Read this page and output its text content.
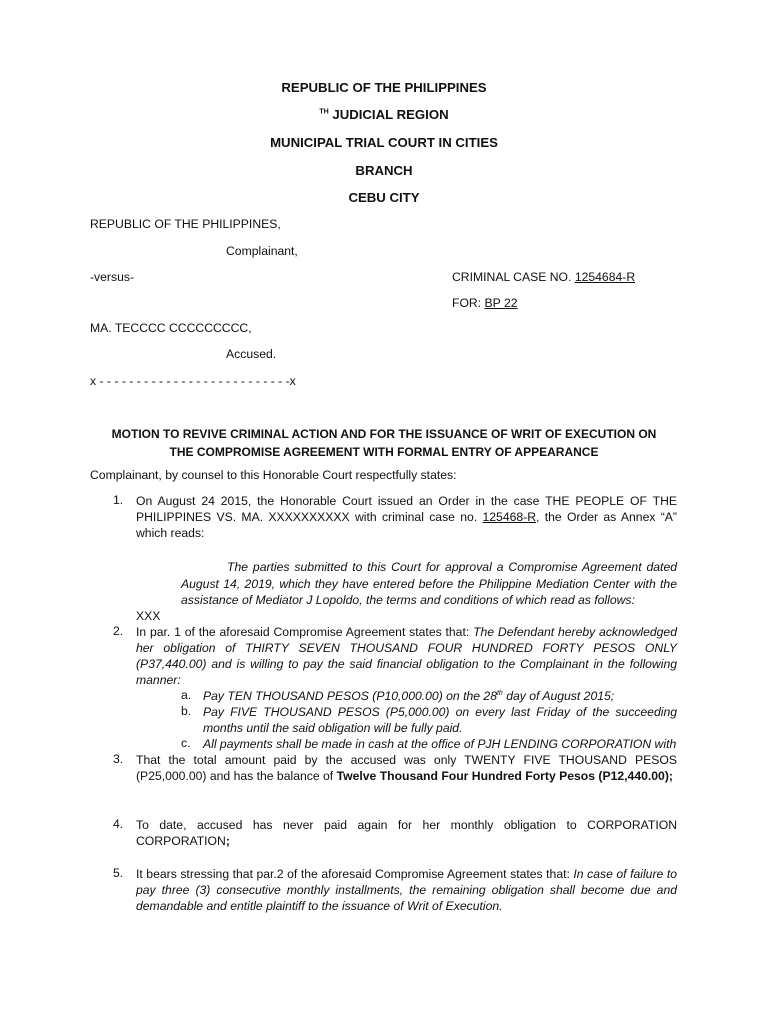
REPUBLIC OF THE PHILIPPINES
$^{TH}$ JUDICIAL REGION
MUNICIPAL TRIAL COURT IN CITIES
BRANCH
CEBU CITY
REPUBLIC OF THE PHILIPPINES,
Complainant,
-versus-	CRIMINAL CASE NO. 1254684-R
FOR: BP 22
MA. TECCCC CCCCCCCCC,
Accused.
x - - - - - - - - - - - - - - - - - - - - - - - - - -x
MOTION TO REVIVE CRIMINAL ACTION AND FOR THE ISSUANCE OF WRIT OF EXECUTION ON
THE COMPROMISE AGREEMENT WITH FORMAL ENTRY OF APPEARANCE
Complainant, by counsel to this Honorable Court respectfully states:
1. On August 24 2015, the Honorable Court issued an Order in the case THE PEOPLE OF THE PHILIPPINES VS. MA. XXXXXXXXXX with criminal case no. 125468-R, the Order as Annex “A” which reads:
The parties submitted to this Court for approval a Compromise Agreement dated August 14, 2019, which they have entered before the Philippine Mediation Center with the assistance of Mediator J Lopoldo, the terms and conditions of which read as follows:
XXX
2. In par. 1 of the aforesaid Compromise Agreement states that: The Defendant hereby acknowledged her obligation of THIRTY SEVEN THOUSAND FOUR HUNDRED FORTY PESOS ONLY (P37,440.00) and is willing to pay the said financial obligation to the Complainant in the following manner:
a. Pay TEN THOUSAND PESOS (P10,000.00) on the 28th day of August 2015;
b. Pay FIVE THOUSAND PESOS (P5,000.00) on every last Friday of the succeeding months until the said obligation will be fully paid.
c. All payments shall be made in cash at the office of PJH LENDING CORPORATION with
3. That the total amount paid by the accused was only TWENTY FIVE THOUSAND PESOS (P25,000.00) and has the balance of Twelve Thousand Four Hundred Forty Pesos (P12,440.00);
4. To date, accused has never paid again for her monthly obligation to CORPORATION CORPORATION;
5. It bears stressing that par.2 of the aforesaid Compromise Agreement states that: In case of failure to pay three (3) consecutive monthly installments, the remaining obligation shall become due and demandable and entitle plaintiff to the issuance of Writ of Execution.
